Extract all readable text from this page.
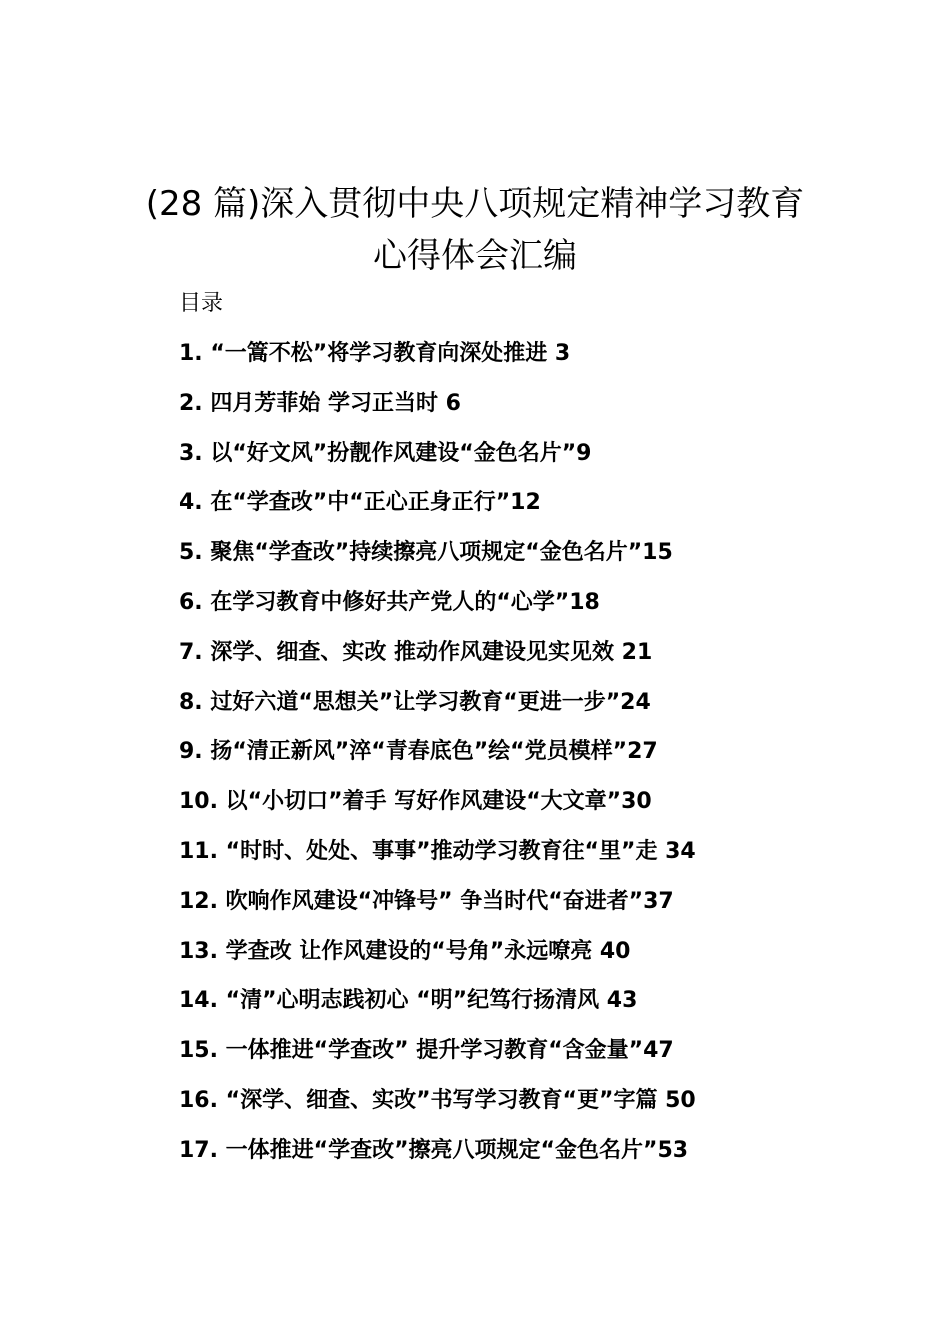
(28 篇)深入贯彻中央八项规定精神学习教育
心得体会汇编
目录
1. “一篙不松”将学习教育向深处推进 3
2. 四月芳菲始 学习正当时 6
3. 以“好文风”扮靓作风建设“金色名片”9
4. 在“学查改”中“正心正身正行”12
5. 聚焦“学查改”持续擦亮八项规定“金色名片”15
6. 在学习教育中修好共产党人的“心学”18
7. 深学、细查、实改 推动作风建设见实见效 21
8. 过好六道“思想关”让学习教育“更进一步”24
9. 扬“清正新风”淬“青春底色”绘“党员模样”27
10. 以“小切口”着手 写好作风建设“大文章”30
11. “时时、处处、事事”推动学习教育往“里”走 34
12. 吹响作风建设“冲锋号” 争当时代“奋进者”37
13. 学查改 让作风建设的“号角”永远嘹亮 40
14. “清”心明志践初心 “明”纪笃行扬清风 43
15. 一体推进“学查改” 提升学习教育“含金量”47
16. “深学、细查、实改”书写学习教育“更”字篇 50
17. 一体推进“学查改”擦亮八项规定“金色名片”53
